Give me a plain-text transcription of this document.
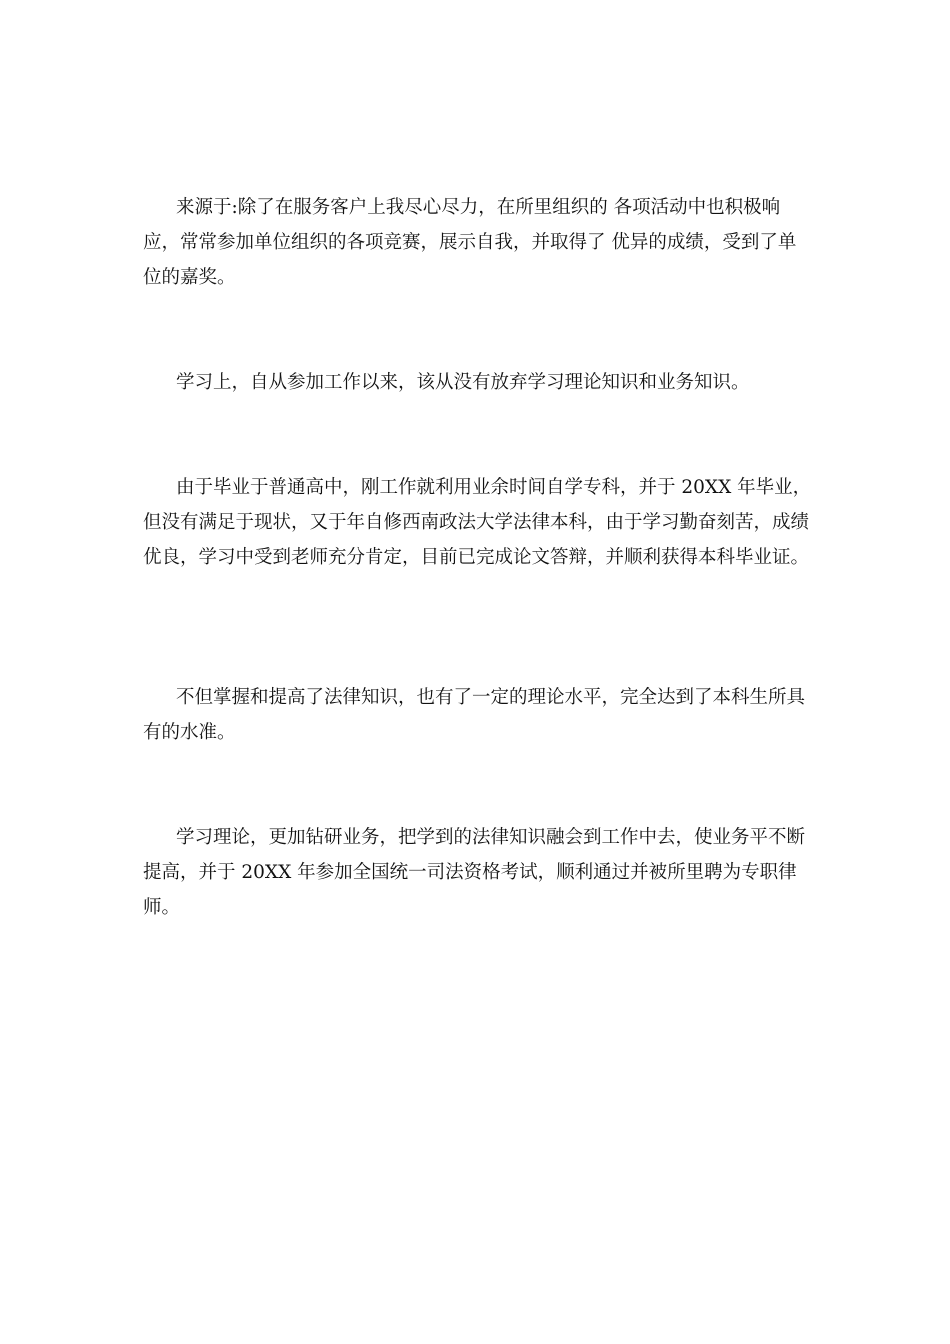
来源于:除了在服务客户上我尽心尽力，在所里组织的 各项活动中也积极响应，常常参加单位组织的各项竞赛，展示自我，并取得了 优异的成绩，受到了单位的嘉奖。

学习上，自从参加工作以来，该从没有放弃学习理论知识和业务知识。

由于毕业于普通高中，刚工作就利用业余时间自学专科，并于 20XX 年毕业，但没有满足于现状，又于年自修西南政法大学法律本科，由于学习勤奋刻苦，成绩优良，学习中受到老师充分肯定，目前已完成论文答辩，并顺利获得本科毕业证。

不但掌握和提高了法律知识，也有了一定的理论水平，完全达到了本科生所具有的水准。

学习理论，更加钻研业务，把学到的法律知识融会到工作中去，使业务平不断提高，并于 20XX 年参加全国统一司法资格考试，顺利通过并被所里聘为专职律师。
